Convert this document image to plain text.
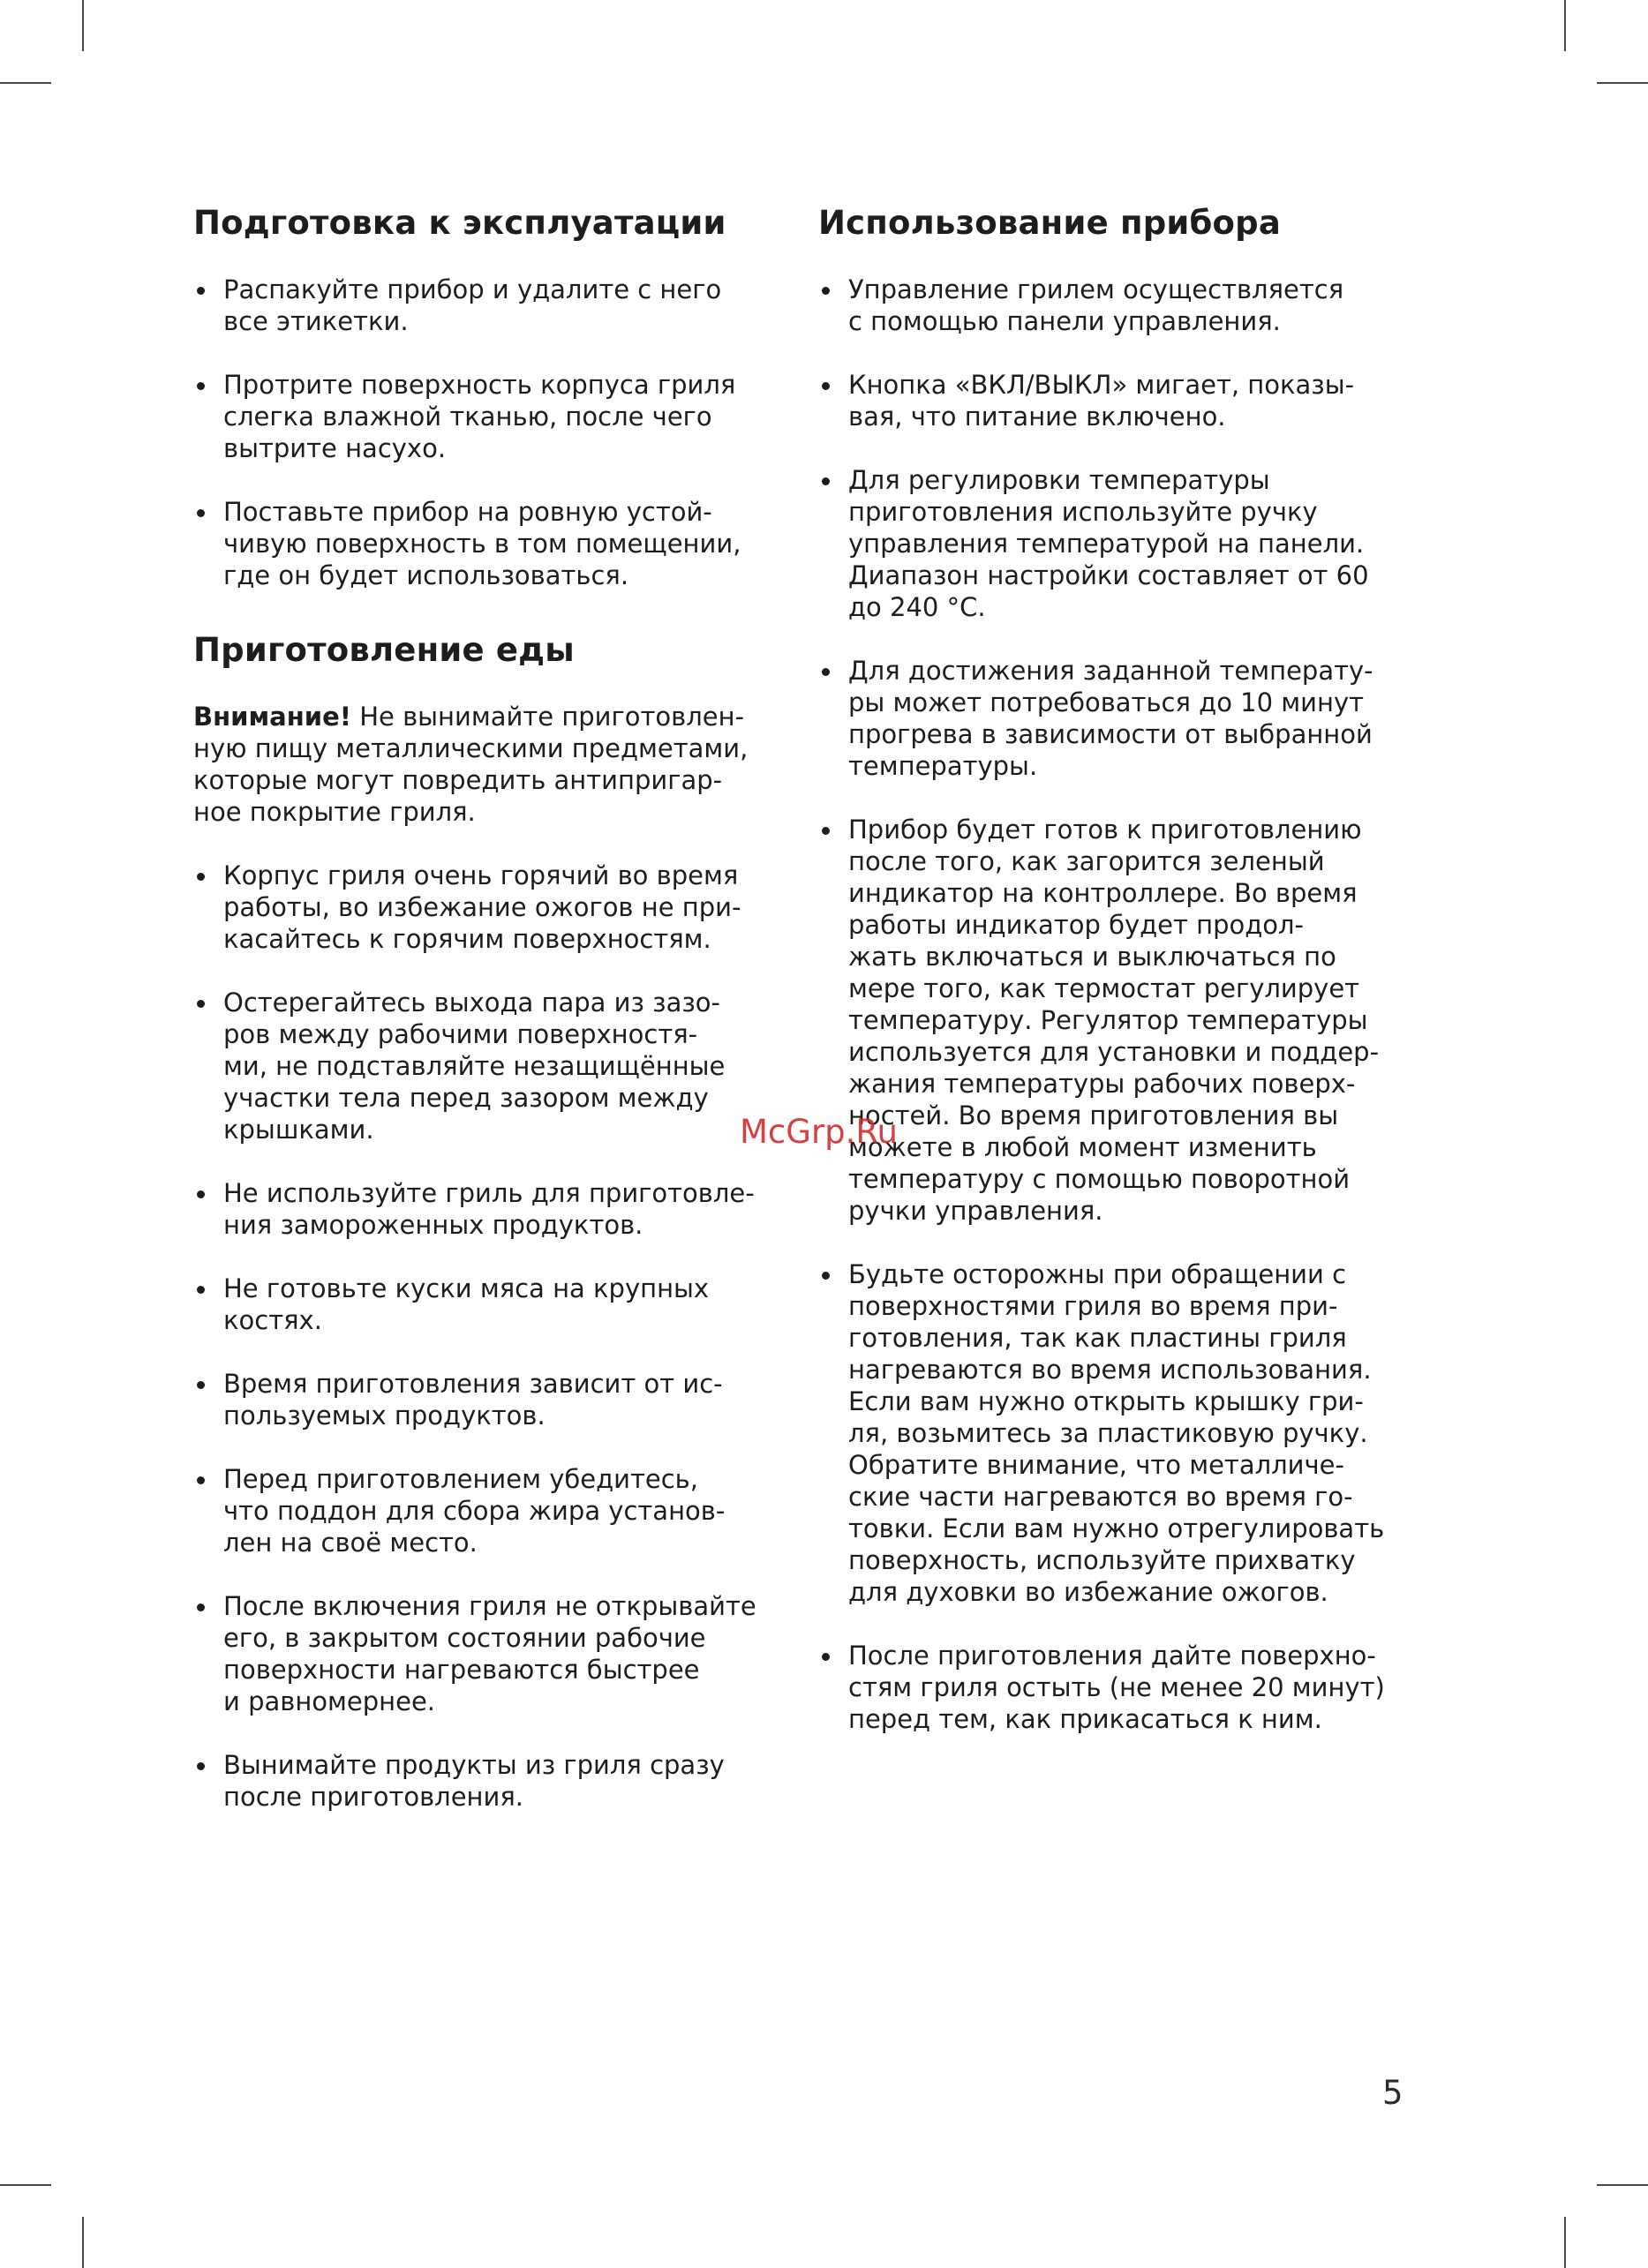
Подготовка к эксплуатации
Распакуйте прибор и удалите с него
все этикетки.
Протрите поверхность корпуса гриля
слегка влажной тканью, после чего
вытрите насухо.
Поставьте прибор на ровную устой-
чивую поверхность в том помещении,
где он будет использоваться.
Приготовление еды

Внимание! Не вынимайте приготовлен-
ную пищу металлическими предметами,
которые могут повредить антипригар-
ное покрытие гриля.

Корпус гриля очень горячий во время
работы, во избежание ожогов не при-
касайтесь к горячим поверхностям.
Остерегайтесь выхода пара из зазо-
ров между рабочими поверхностя-
ми, не подставляйте незащищённые
участки тела перед зазором между
крышками.
Не используйте гриль для приготовле-
ния замороженных продуктов.
Не готовьте куски мяса на крупных
костях.
Время приготовления зависит от ис-
пользуемых продуктов.
Перед приготовлением убедитесь,
что поддон для сбора жира установ-
лен на своё место.
После включения гриля не открывайте
его, в закрытом состоянии рабочие
поверхности нагреваются быстрее
и равномернее.
Вынимайте продукты из гриля сразу
после приготовления.
Использование прибора
Управление грилем осуществляется
с помощью панели управления.
Кнопка «ВКЛ/ВЫКЛ» мигает, показы-
вая, что питание включено.
Для регулировки температуры
приготовления используйте ручку
управления температурой на панели.
Диапазон настройки составляет от 60
до 240 °С.
Для достижения заданной температу-
ры может потребоваться до 10 минут
прогрева в зависимости от выбранной
температуры.
Прибор будет готов к приготовлению
после того, как загорится зеленый
индикатор на контроллере. Во время
работы индикатор будет продол-
жать включаться и выключаться по
мере того, как термостат регулирует
температуру. Регулятор температуры
используется для установки и поддер-
жания температуры рабочих поверх-
ностей. Во время приготовления вы
можете в любой момент изменить
температуру с помощью поворотной
ручки управления.
Будьте осторожны при обращении с
поверхностями гриля во время при-
готовления, так как пластины гриля
нагреваются во время использования.
Если вам нужно открыть крышку гри-
ля, возьмитесь за пластиковую ручку.
Обратите внимание, что металличе-
ские части нагреваются во время го-
товки. Если вам нужно отрегулировать
поверхность, используйте прихватку
для духовки во избежание ожогов.
После приготовления дайте поверхно-
стям гриля остыть (не менее 20 минут)
перед тем, как прикасаться к ним.
McGrp.Ru
5
